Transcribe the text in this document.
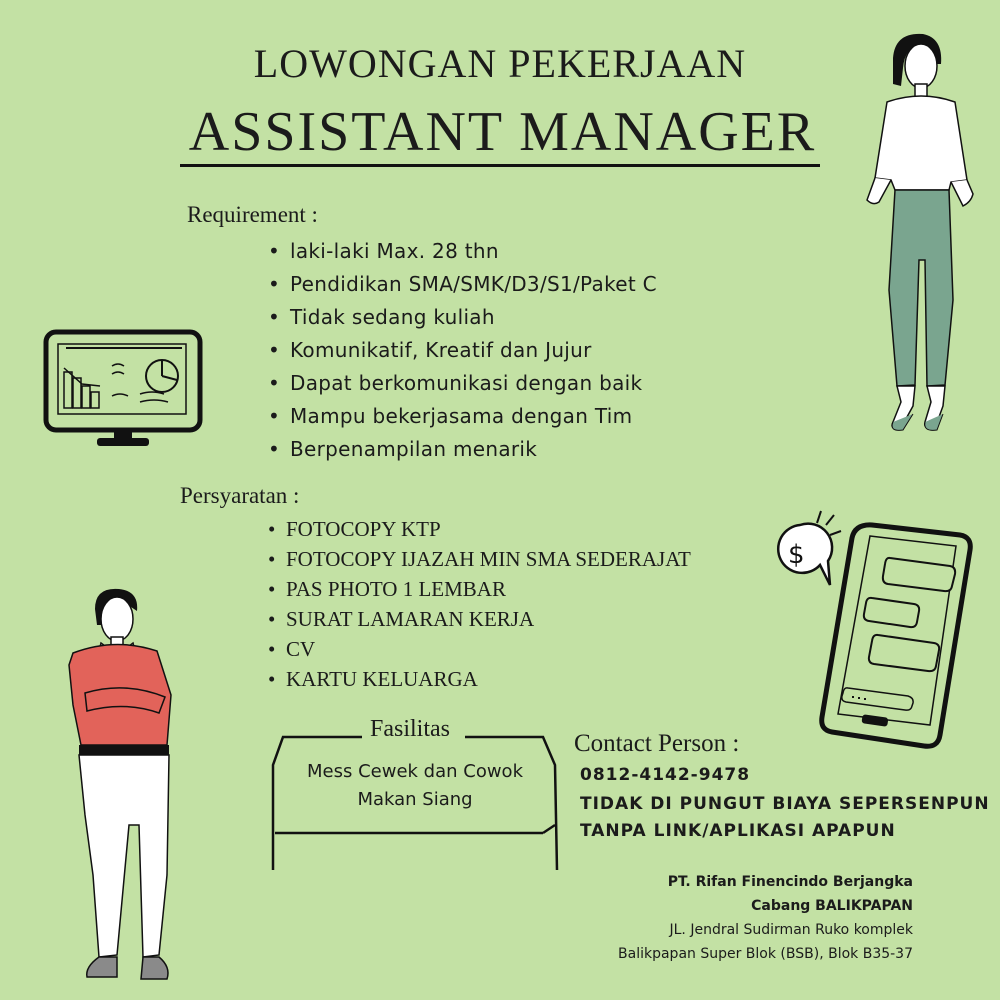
LOWONGAN PEKERJAAN
ASSISTANT MANAGER
Requirement :
• laki-laki Max. 28 thn
• Pendidikan SMA/SMK/D3/S1/Paket C
• Tidak sedang kuliah
• Komunikatif, Kreatif dan Jujur
• Dapat berkomunikasi dengan baik
• Mampu bekerjasama dengan Tim
• Berpenampilan menarik
Persyaratan :
• FOTOCOPY KTP
• FOTOCOPY IJAZAH MIN SMA SEDERAJAT
• PAS PHOTO 1 LEMBAR
• SURAT LAMARAN KERJA
• CV
• KARTU KELUARGA
Fasilitas
Mess Cewek dan Cowok
Makan Siang
Contact Person :
0812-4142-9478
TIDAK DI PUNGUT BIAYA SEPERSENPUN
TANPA LINK/APLIKASI APAPUN
PT. Rifan Finencindo Berjangka
Cabang BALIKPAPAN
JL. Jendral Sudirman Ruko komplek
Balikpapan Super Blok (BSB), Blok B35-37
$
